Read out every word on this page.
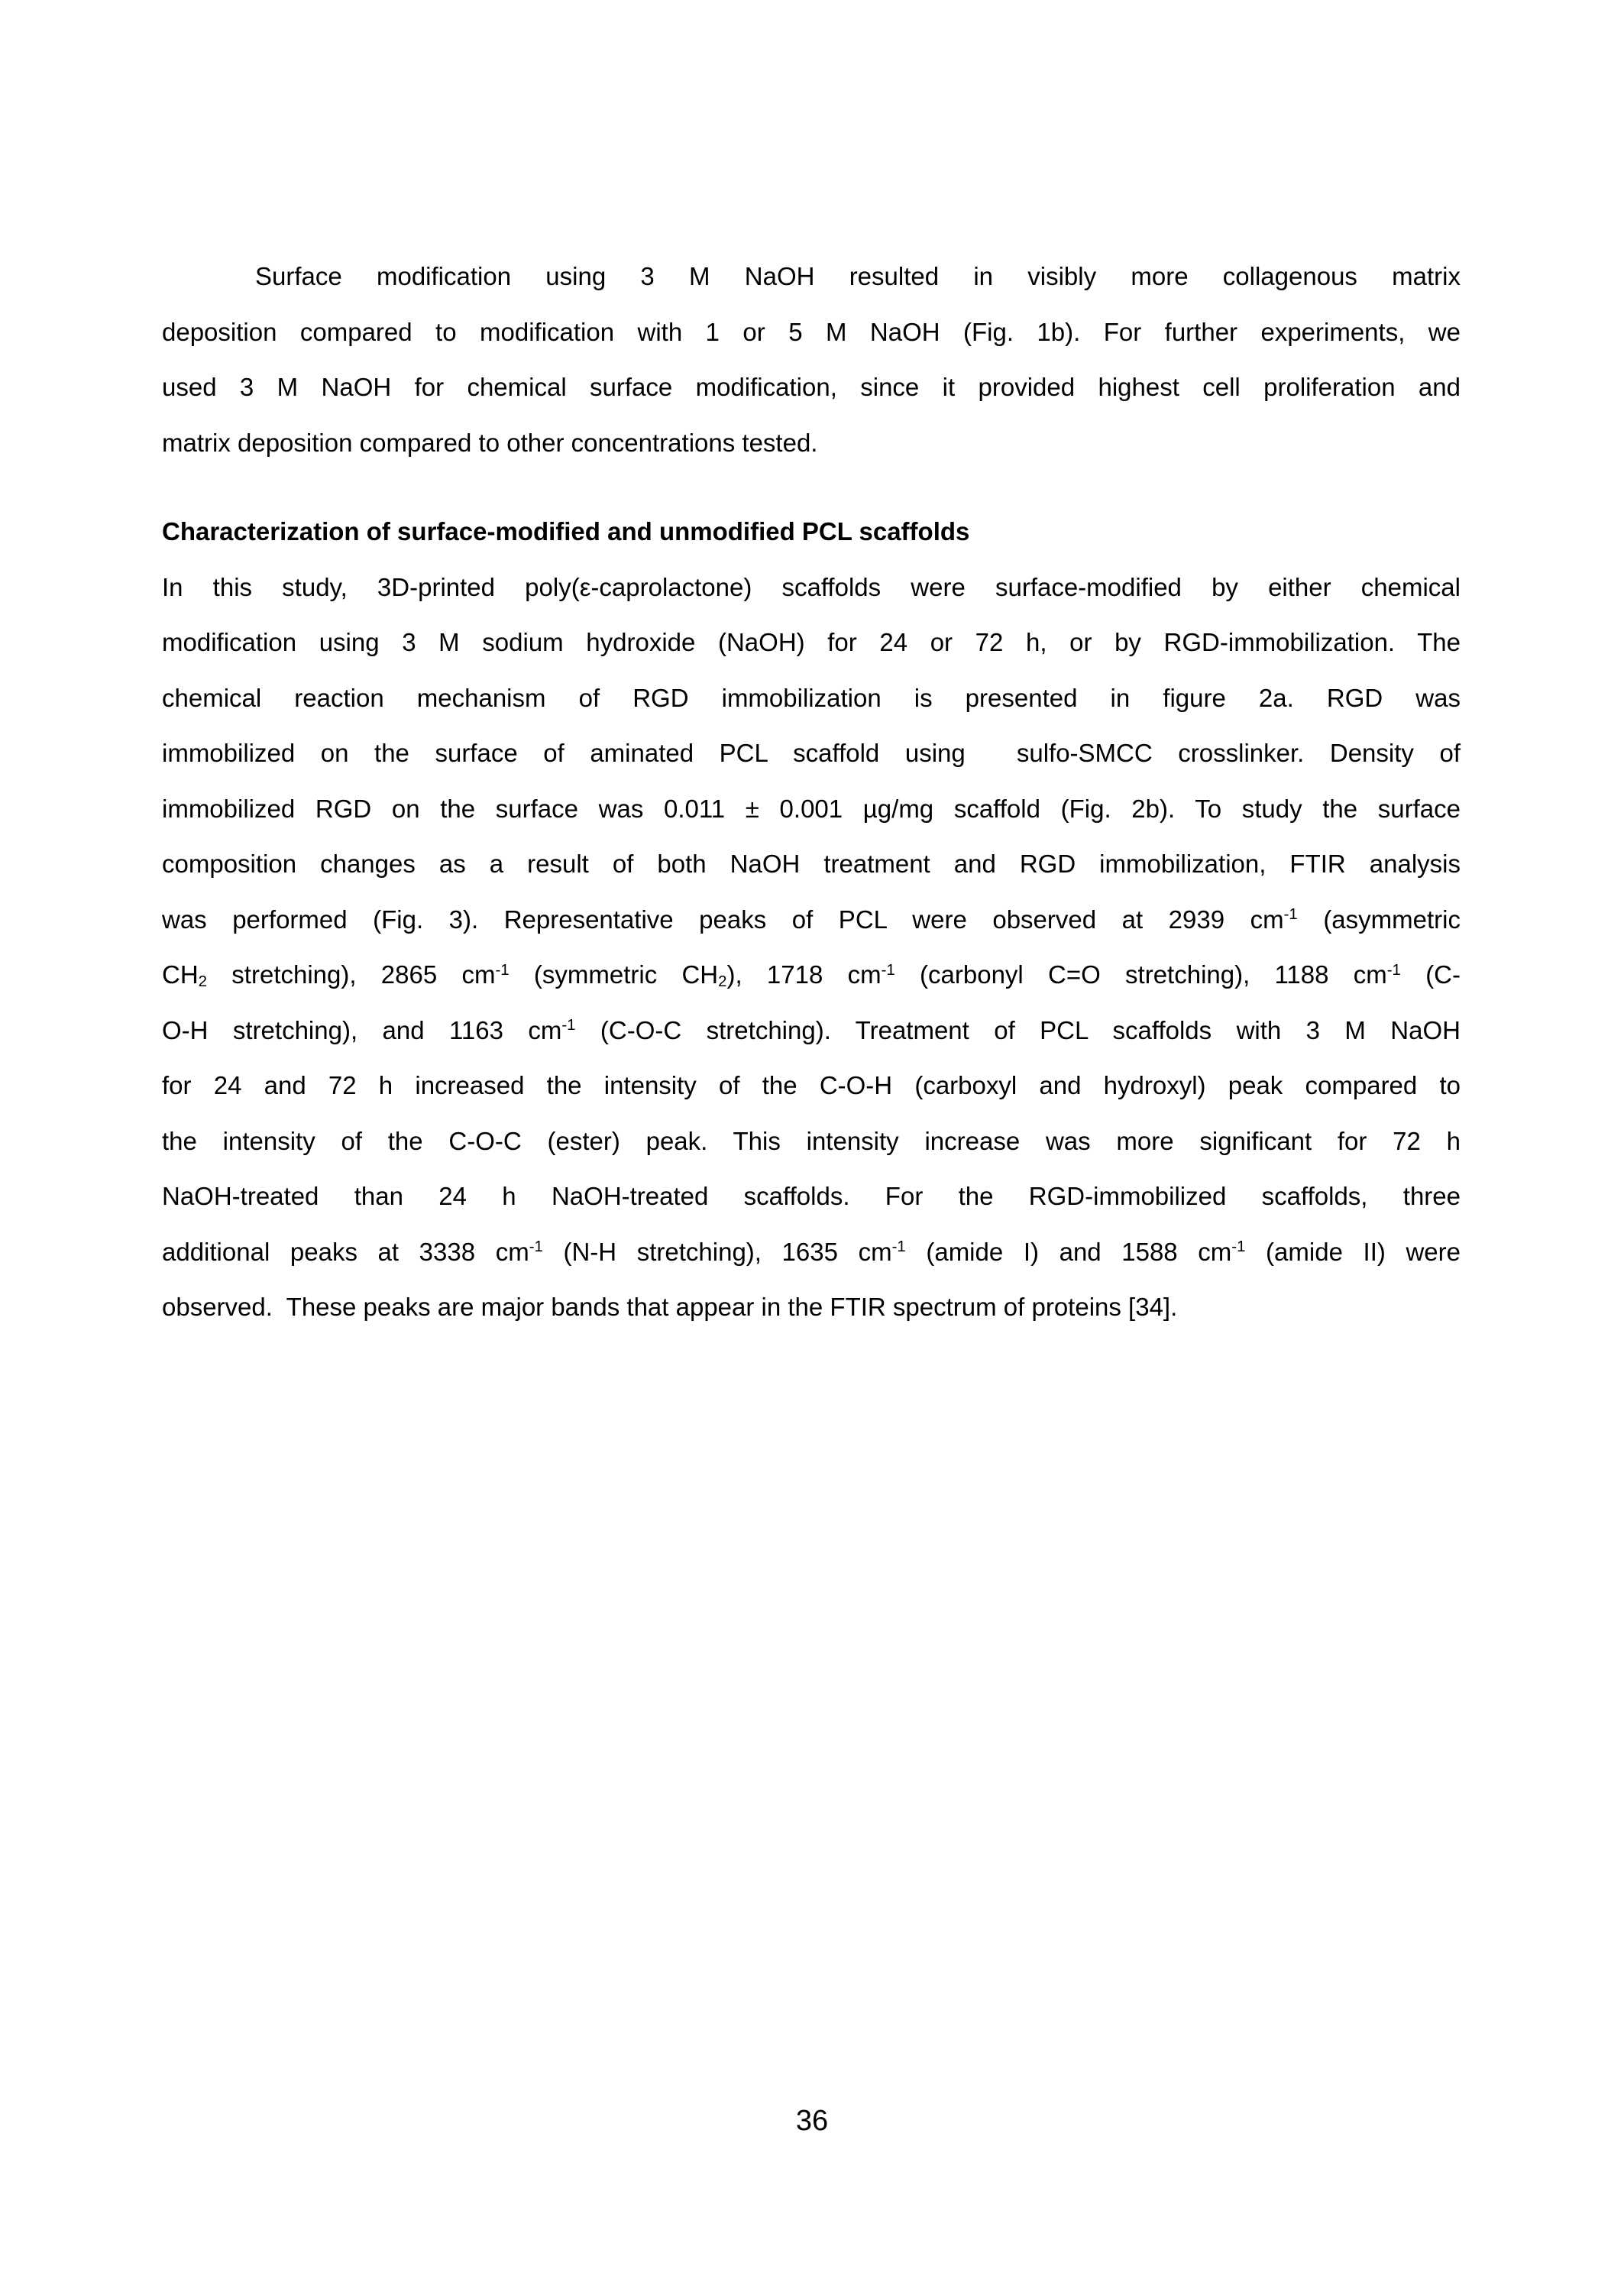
Surface modification using 3 M NaOH resulted in visibly more collagenous matrix
deposition compared to modification with 1 or 5 M NaOH (Fig. 1b). For further experiments, we
used 3 M NaOH for chemical surface modification, since it provided highest cell proliferation and
matrix deposition compared to other concentrations tested.
Characterization of surface-modified and unmodified PCL scaffolds
In this study, 3D-printed poly(ε-caprolactone) scaffolds were surface-modified by either chemical
modification using 3 M sodium hydroxide (NaOH) for 24 or 72 h, or by RGD-immobilization. The
chemical reaction mechanism of RGD immobilization is presented in figure 2a. RGD was
immobilized on the surface of aminated PCL scaffold using  sulfo-SMCC crosslinker. Density of
immobilized RGD on the surface was 0.011 ± 0.001 µg/mg scaffold (Fig. 2b). To study the surface
composition changes as a result of both NaOH treatment and RGD immobilization, FTIR analysis
was performed (Fig. 3). Representative peaks of PCL were observed at 2939 $cm^{-1}$ (asymmetric
$CH_2$ stretching), 2865 $cm^{-1}$ (symmetric $CH_2$), 1718 $cm^{-1}$ (carbonyl C=O stretching), 1188 $cm^{-1}$ (C-
O-H stretching), and 1163 $cm^{-1}$ (C-O-C stretching). Treatment of PCL scaffolds with 3 M NaOH
for 24 and 72 h increased the intensity of the C-O-H (carboxyl and hydroxyl) peak compared to
the intensity of the C-O-C (ester) peak. This intensity increase was more significant for 72 h
NaOH-treated than 24 h NaOH-treated scaffolds. For the RGD-immobilized scaffolds, three
additional peaks at 3338 $cm^{-1}$ (N-H stretching), 1635 $cm^{-1}$ (amide I) and 1588 $cm^{-1}$ (amide II) were
observed.  These peaks are major bands that appear in the FTIR spectrum of proteins [34].
36
